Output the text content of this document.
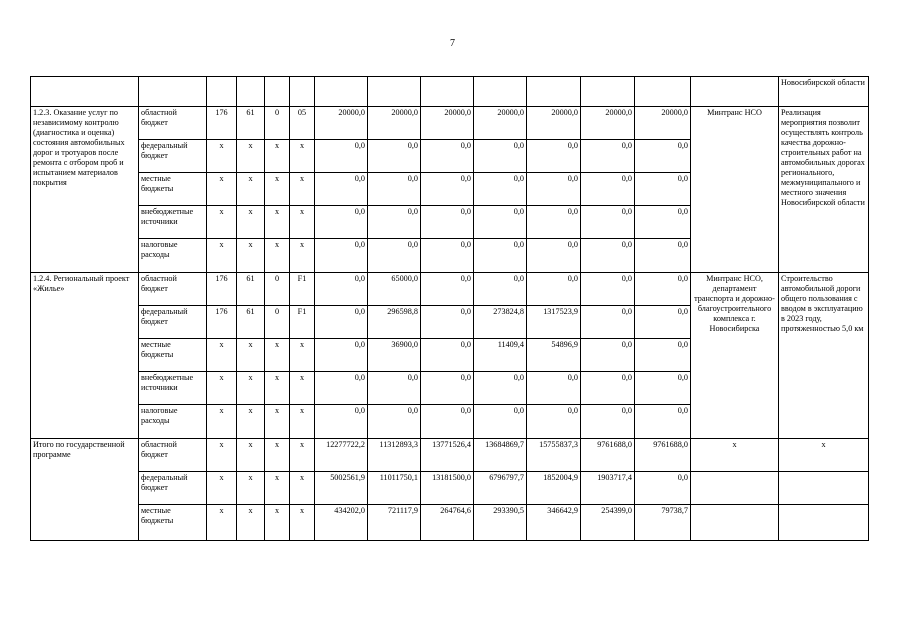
7
														Новосибирской области
1.2.3. Оказание услуг по независимому контролю (диагностика и оценка) состояния автомобильных дорог и тротуаров после ремонта с отбором проб и испытанием материалов покрытия	областной бюджет	176	61	0	05	20000,0	20000,0	20000,0	20000,0	20000,0	20000,0	20000,0	Минтранс НСО	Реализация мероприятия позволит осуществлять контроль качества дорожно-строительных работ на автомобильных дорогах регионального, межмуниципального и местного значения Новосибирской области
	федеральный бюджет	x	x	x	x	0,0	0,0	0,0	0,0	0,0	0,0	0,0		
	местные бюджеты	x	x	x	x	0,0	0,0	0,0	0,0	0,0	0,0	0,0		
	внебюджетные источники	x	x	x	x	0,0	0,0	0,0	0,0	0,0	0,0	0,0		
	налоговые расходы	x	x	x	x	0,0	0,0	0,0	0,0	0,0	0,0	0,0		
1.2.4. Региональный проект «Жилье»	областной бюджет	176	61	0	F1	0,0	65000,0	0,0	0,0	0,0	0,0	0,0	Минтранс НСО, департамент транспорта и дорожно-благоустроительного комплекса г. Новосибирска	Строительство автомобильной дороги общего пользования с вводом в эксплуатацию в 2023 году, протяженностью 5,0 км
	федеральный бюджет	176	61	0	F1	0,0	296598,8	0,0	273824,8	1317523,9	0,0	0,0		
	местные бюджеты	x	x	x	x	0,0	36900,0	0,0	11409,4	54896,9	0,0	0,0		
	внебюджетные источники	x	x	x	x	0,0	0,0	0,0	0,0	0,0	0,0	0,0		
	налоговые расходы	x	x	x	x	0,0	0,0	0,0	0,0	0,0	0,0	0,0		
Итого по государственной программе	областной бюджет	x	x	x	x	12277722,2	11312893,3	13771526,4	13684869,7	15755837,3	9761688,0	9761688,0	x	x
	федеральный бюджет	x	x	x	x	5002561,9	11011750,1	13181500,0	6796797,7	1852004,9	1903717,4	0,0		
	местные бюджеты	x	x	x	x	434202,0	721117,9	264764,6	293390,5	346642,9	254399,0	79738,7		
